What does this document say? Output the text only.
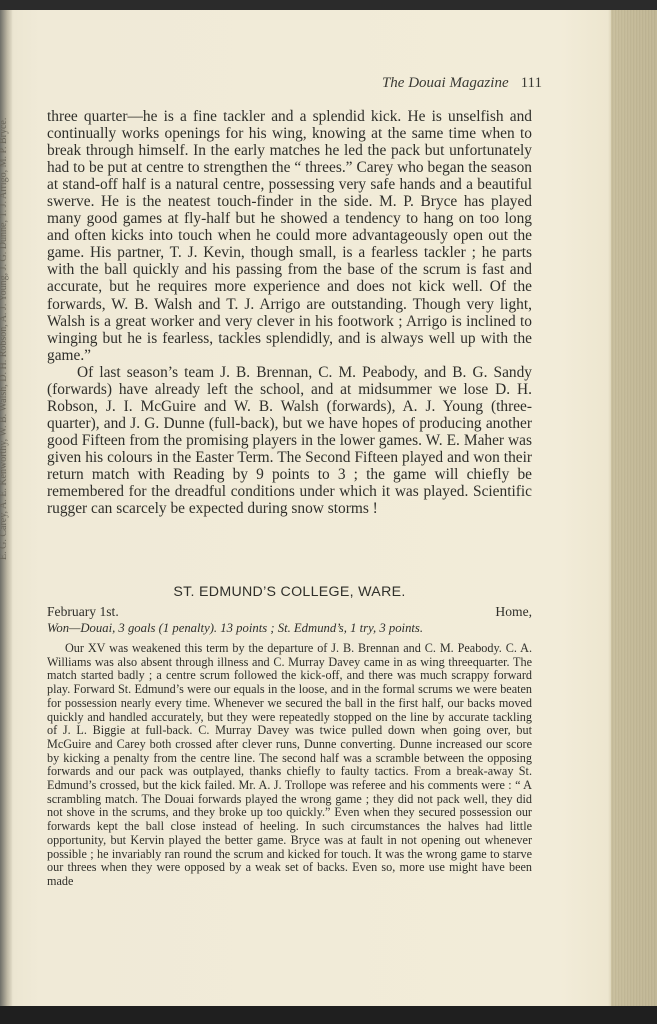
The Douai Magazine 111

three quarter—he is a fine tackler and a splendid kick. He is unselfish and continually works openings for his wing, knowing at the same time when to break through himself. In the early matches he led the pack but unfortunately had to be put at centre to strengthen the “ threes.” Carey who began the season at stand-off half is a natural centre, possessing very safe hands and a beautiful swerve. He is the neatest touch-finder in the side. M. P. Bryce has played many good games at fly-half but he showed a tendency to hang on too long and often kicks into touch when he could more advantageously open out the game. His partner, T. J. Kevin, though small, is a fearless tackler ; he parts with the ball quickly and his passing from the base of the scrum is fast and accurate, but he requires more experience and does not kick well. Of the forwards, W. B. Walsh and T. J. Arrigo are outstanding. Though very light, Walsh is a great worker and very clever in his footwork ; Arrigo is inclined to winging but he is fearless, tackles splendidly, and is always well up with the game.”

Of last season’s team J. B. Brennan, C. M. Peabody, and B. G. Sandy (forwards) have already left the school, and at midsummer we lose D. H. Robson, J. I. McGuire and W. B. Walsh (forwards), A. J. Young (three- quarter), and J. G. Dunne (full-back), but we have hopes of producing another good Fifteen from the promising players in the lower games. W. E. Maher was given his colours in the Easter Term. The Second Fifteen played and won their return match with Reading by 9 points to 3 ; the game will chiefly be remembered for the dreadful conditions under which it was played. Scientific rugger can scarcely be expected during snow storms !

ST. EDMUND’S COLLEGE, WARE.
February 1st.	Home,
Won—Douai, 3 goals (1 penalty). 13 points ; St. Edmund’s, 1 try, 3 points.

Our XV was weakened this term by the departure of J. B. Brennan and C. M. Peabody. C. A. Williams was also absent through illness and C. Murray Davey came in as wing threequarter. The match started badly ; a centre scrum followed the kick-off, and there was much scrappy forward play. Forward St. Edmund’s were our equals in the loose, and in the formal scrums we were beaten for possession nearly every time. Whenever we secured the ball in the first half, our backs moved quickly and handled accurately, but they were repeatedly stopped on the line by accurate tackling of J. L. Biggie at full-back. C. Murray Davey was twice pulled down when going over, but McGuire and Carey both crossed after clever runs, Dunne converting. Dunne increased our score by kicking a penalty from the centre line. The second half was a scramble between the opposing forwards and our pack was outplayed, thanks chiefly to faulty tactics. From a break-away St. Edmund’s crossed, but the kick failed. Mr. A. J. Trollope was referee and his comments were : “ A scrambling match. The Douai forwards played the wrong game ; they did not pack well, they did not shove in the scrums, and they broke up too quickly.” Even when they secured possession our forwards kept the ball close instead of heeling. In such circumstances the halves had little opportunity, but Kervin played the better game. Bryce was at fault in not opening out whenever possible ; he invariably ran round the scrum and kicked for touch. It was the wrong game to starve our threes when they were opposed by a weak set of backs. Even so, more use might have been made
